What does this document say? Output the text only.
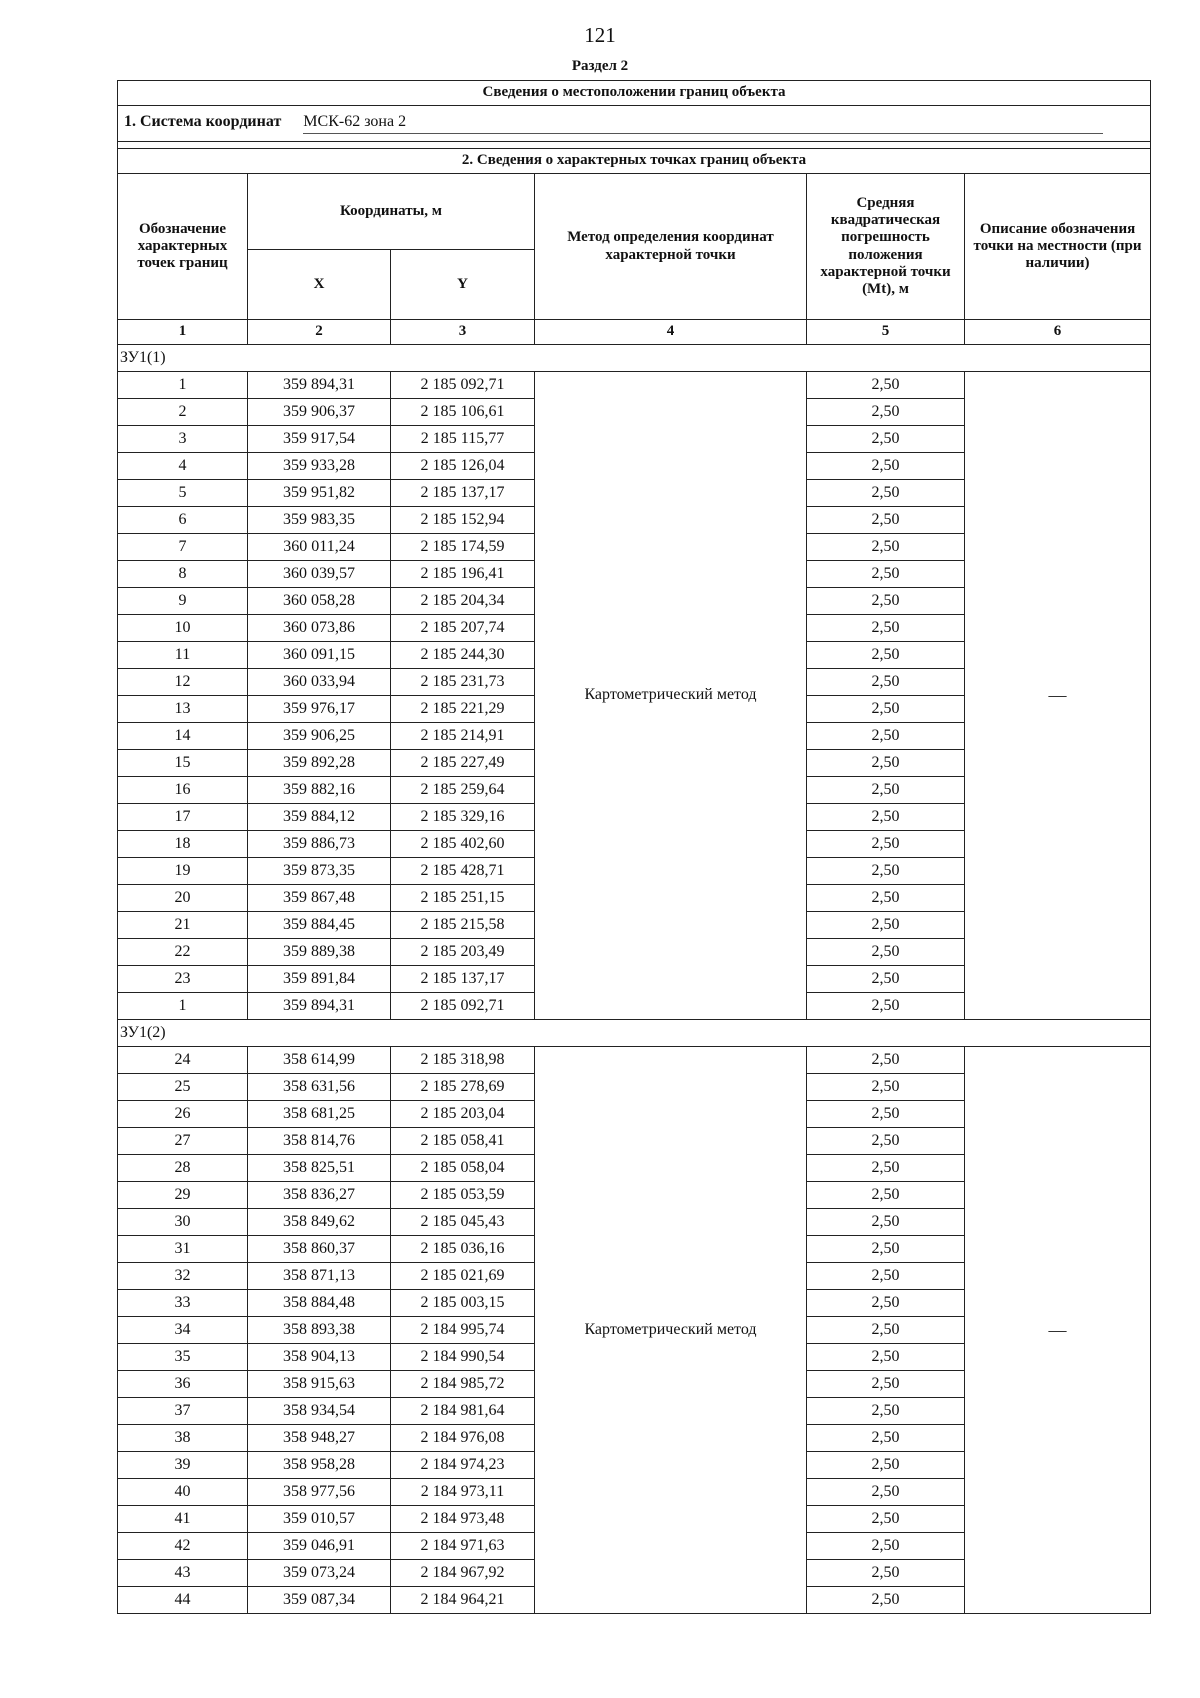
121
Раздел 2
Сведения о местоположении границ объекта					
1. Система координат МСК-62 зона 2					

2. Сведения о характерных точках границ объекта					
Обозначение характерных точек границ	Координаты, м		Метод определения координат характерной точки	Средняя квадратическая погрешность положения характерной точки (Mt), м	Описание обозначения точки на местности (при наличии)
	X	Y			
1	2	3	4	5	6
ЗУ1(1)					
1	359 894,31	2 185 092,71	Картометрический метод	2,50	—
2	359 906,37	2 185 106,61		2,50	
3	359 917,54	2 185 115,77		2,50	
4	359 933,28	2 185 126,04		2,50	
5	359 951,82	2 185 137,17		2,50	
6	359 983,35	2 185 152,94		2,50	
7	360 011,24	2 185 174,59		2,50	
8	360 039,57	2 185 196,41		2,50	
9	360 058,28	2 185 204,34		2,50	
10	360 073,86	2 185 207,74		2,50	
11	360 091,15	2 185 244,30		2,50	
12	360 033,94	2 185 231,73		2,50	
13	359 976,17	2 185 221,29		2,50	
14	359 906,25	2 185 214,91		2,50	
15	359 892,28	2 185 227,49		2,50	
16	359 882,16	2 185 259,64		2,50	
17	359 884,12	2 185 329,16		2,50	
18	359 886,73	2 185 402,60		2,50	
19	359 873,35	2 185 428,71		2,50	
20	359 867,48	2 185 251,15		2,50	
21	359 884,45	2 185 215,58		2,50	
22	359 889,38	2 185 203,49		2,50	
23	359 891,84	2 185 137,17		2,50	
1	359 894,31	2 185 092,71		2,50	
ЗУ1(2)					
24	358 614,99	2 185 318,98	Картометрический метод	2,50	—
25	358 631,56	2 185 278,69		2,50	
26	358 681,25	2 185 203,04		2,50	
27	358 814,76	2 185 058,41		2,50	
28	358 825,51	2 185 058,04		2,50	
29	358 836,27	2 185 053,59		2,50	
30	358 849,62	2 185 045,43		2,50	
31	358 860,37	2 185 036,16		2,50	
32	358 871,13	2 185 021,69		2,50	
33	358 884,48	2 185 003,15		2,50	
34	358 893,38	2 184 995,74		2,50	
35	358 904,13	2 184 990,54		2,50	
36	358 915,63	2 184 985,72		2,50	
37	358 934,54	2 184 981,64		2,50	
38	358 948,27	2 184 976,08		2,50	
39	358 958,28	2 184 974,23		2,50	
40	358 977,56	2 184 973,11		2,50	
41	359 010,57	2 184 973,48		2,50	
42	359 046,91	2 184 971,63		2,50	
43	359 073,24	2 184 967,92		2,50	
44	359 087,34	2 184 964,21		2,50	
